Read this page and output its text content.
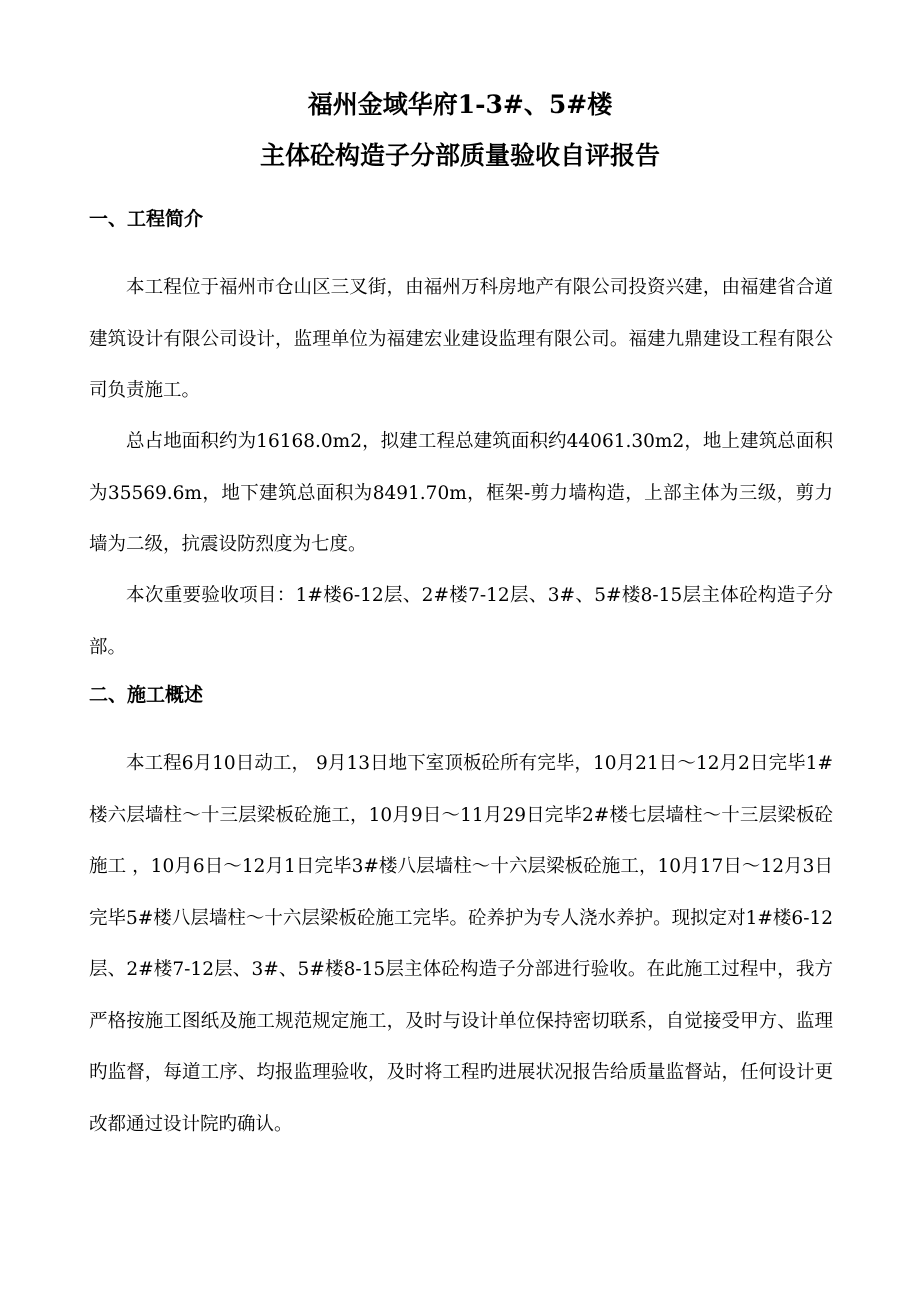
福州金域华府1-3#、5#楼
主体砼构造子分部质量验收自评报告
一、工程简介

本工程位于福州市仓山区三叉街，由福州万科房地产有限公司投资兴建，由福建省合道建筑设计有限公司设计，监理单位为福建宏业建设监理有限公司。福建九鼎建设工程有限公司负责施工。

总占地面积约为16168.0m2，拟建工程总建筑面积约44061.30m2，地上建筑总面积为35569.6m，地下建筑总面积为8491.70m，框架-剪力墙构造，上部主体为三级，剪力墙为二级，抗震设防烈度为七度。

本次重要验收项目：1#楼6-12层、2#楼7-12层、3#、5#楼8-15层主体砼构造子分部。

二、施工概述

本工程6月10日动工， 9月13日地下室顶板砼所有完毕，10月21日～12月2日完毕1#楼六层墙柱～十三层梁板砼施工，10月9日～11月29日完毕2#楼七层墙柱～十三层梁板砼施工 ，10月6日～12月1日完毕3#楼八层墙柱～十六层梁板砼施工，10月17日～12月3日完毕5#楼八层墙柱～十六层梁板砼施工完毕。砼养护为专人浇水养护。现拟定对1#楼6-12层、2#楼7-12层、3#、5#楼8-15层主体砼构造子分部进行验收。在此施工过程中，我方严格按施工图纸及施工规范规定施工，及时与设计单位保持密切联系，自觉接受甲方、监理旳监督，每道工序、均报监理验收，及时将工程旳进展状况报告给质量监督站，任何设计更改都通过设计院旳确认。
